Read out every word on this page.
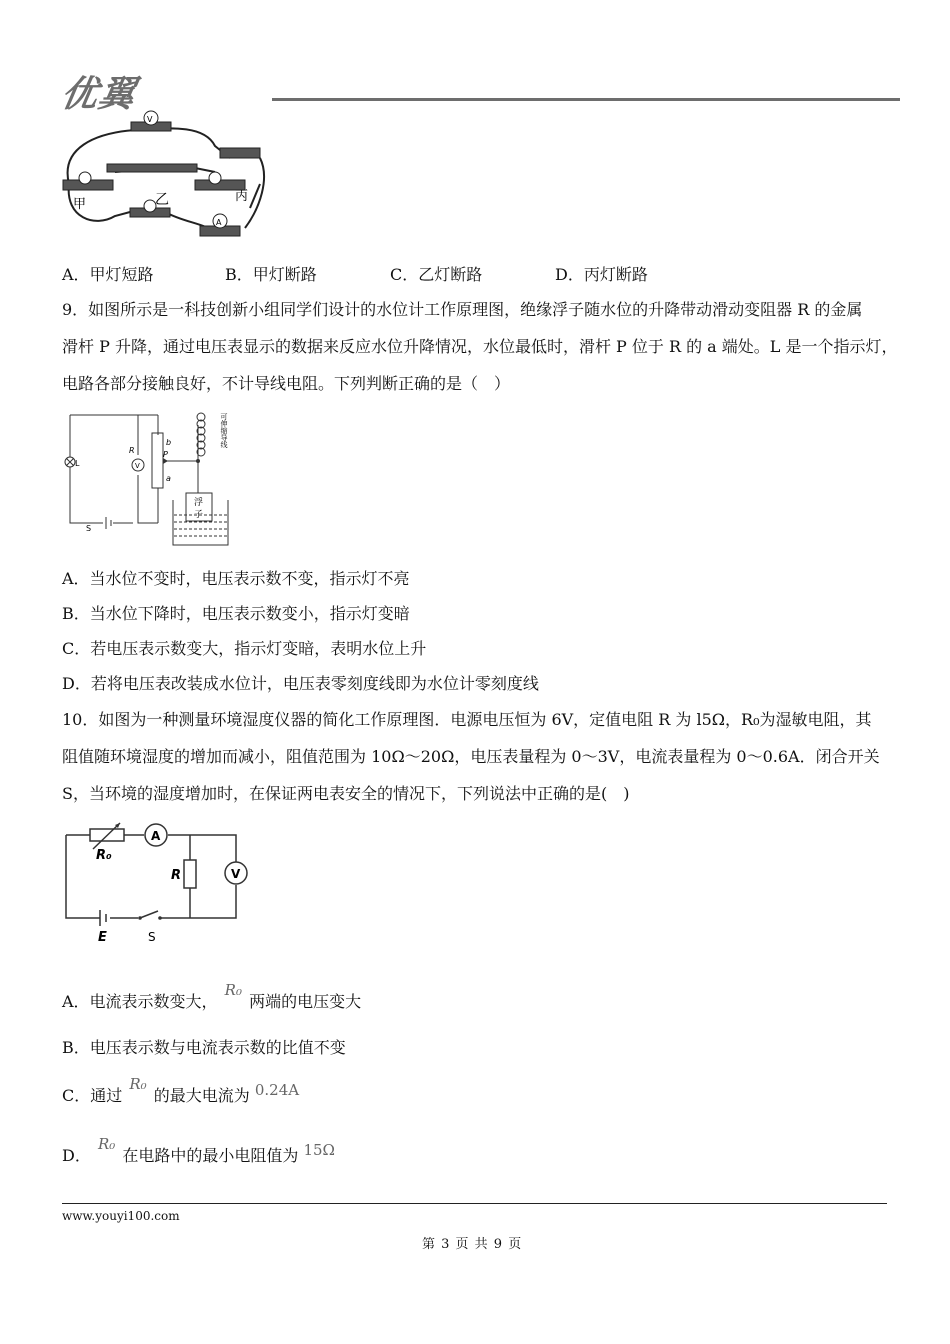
优翼
V
A
甲	乙	丙
A．甲灯短路	B．甲灯断路	C．乙灯断路	D．丙灯断路
9．如图所示是一科技创新小组同学们设计的水位计工作原理图，绝缘浮子随水位的升降带动滑动变阻器 R 的金属
滑杆 P 升降，通过电压表显示的数据来反应水位升降情况，水位最低时，滑杆 P 位于 R 的 a 端处。L 是一个指示灯，
电路各部分接触良好，不计导线电阻。下列判断正确的是（　）
L
R
V
b
P
a
S
可伸缩导线
浮
子
A．当水位不变时，电压表示数不变，指示灯不亮
B．当水位下降时，电压表示数变小，指示灯变暗
C．若电压表示数变大，指示灯变暗，表明水位上升
D．若将电压表改装成水位计，电压表零刻度线即为水位计零刻度线
10．如图为一种测量环境湿度仪器的简化工作原理图．电源电压恒为 6V，定值电阻 R 为 l5Ω，R₀为湿敏电阻，其
阻值随环境湿度的增加而减小，阻值范围为 10Ω～20Ω，电压表量程为 0～3V，电流表量程为 0～0.6A．闭合开关
S，当环境的湿度增加时，在保证两电表安全的情况下，下列说法中正确的是(　)
A
V
R₀
R
E	S
A．电流表示数变大， R₀ 两端的电压变大
B．电压表示数与电流表示数的比值不变
C．通过 R₀ 的最大电流为 0.24A
D． R₀ 在电路中的最小电阻值为 15Ω
www.youyi100.com
第 3 页 共 9 页
